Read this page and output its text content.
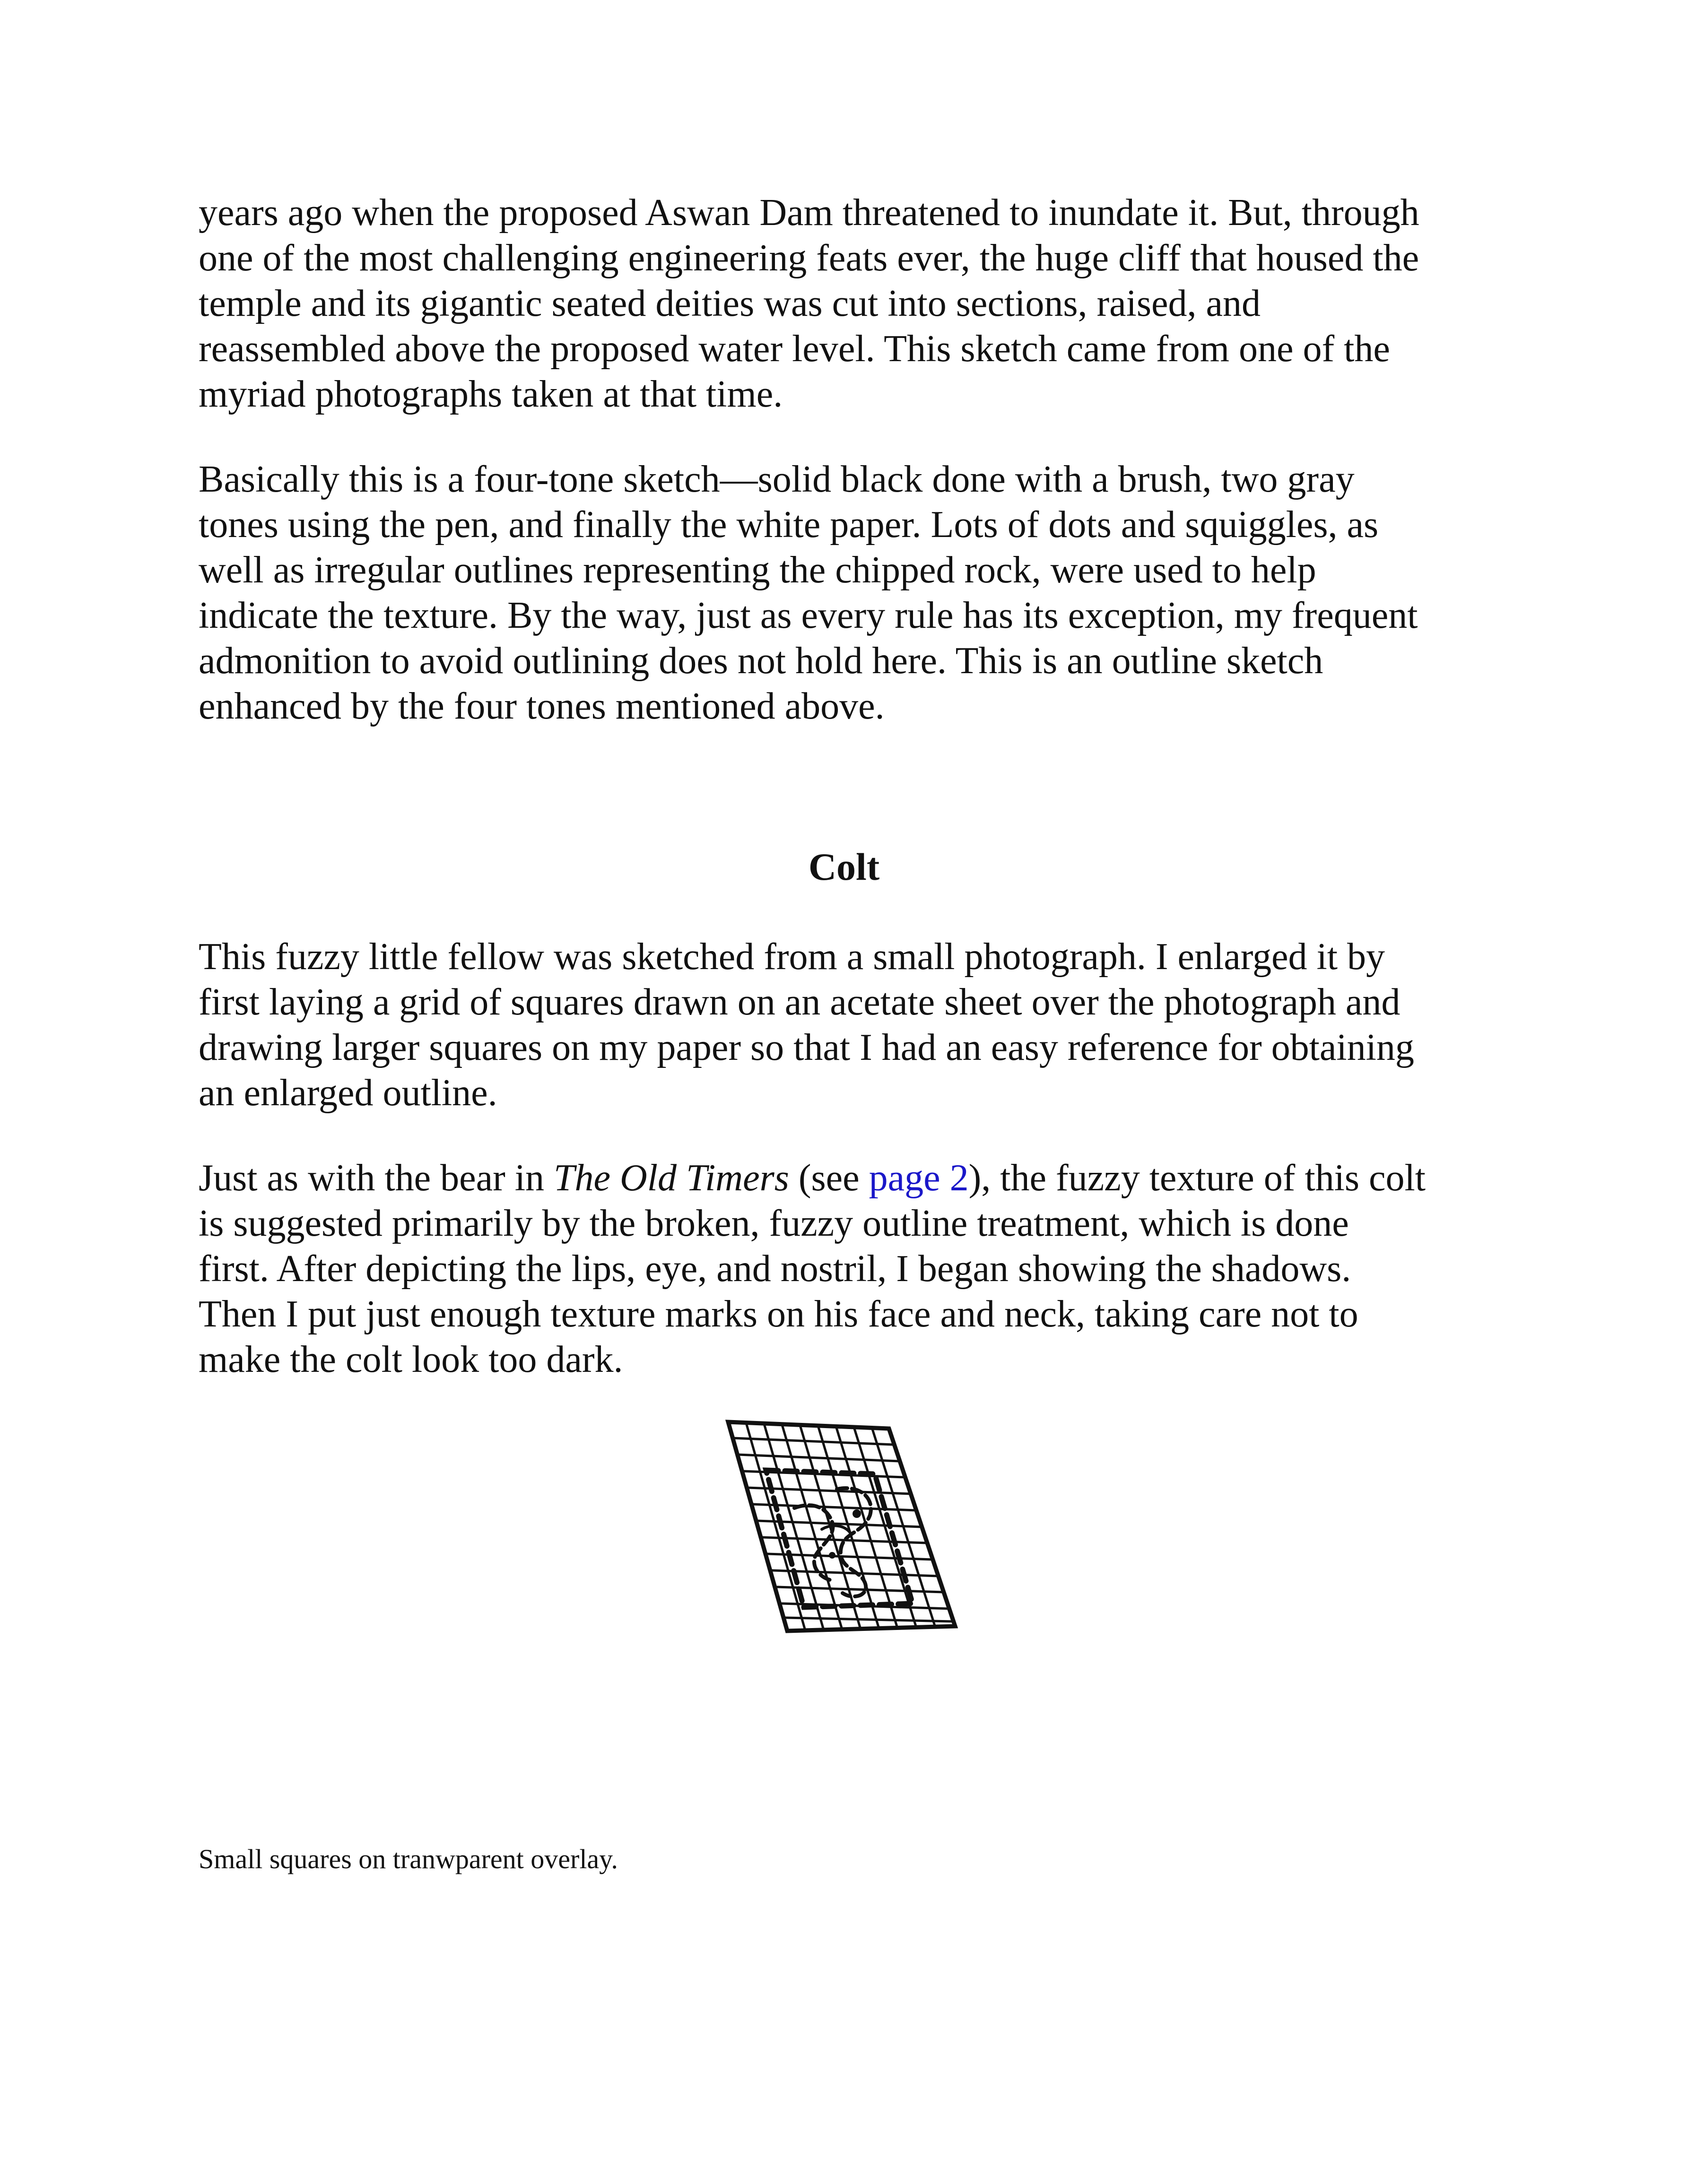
years ago when the proposed Aswan Dam threatened to inundate it. But, through
one of the most challenging engineering feats ever, the huge cliff that housed the
temple and its gigantic seated deities was cut into sections, raised, and
reassembled above the proposed water level. This sketch came from one of the
myriad photographs taken at that time.

Basically this is a four-tone sketch—solid black done with a brush, two gray
tones using the pen, and finally the white paper. Lots of dots and squiggles, as
well as irregular outlines representing the chipped rock, were used to help
indicate the texture. By the way, just as every rule has its exception, my frequent
admonition to avoid outlining does not hold here. This is an outline sketch
enhanced by the four tones mentioned above.

Colt

This fuzzy little fellow was sketched from a small photograph. I enlarged it by
first laying a grid of squares drawn on an acetate sheet over the photograph and
drawing larger squares on my paper so that I had an easy reference for obtaining
an enlarged outline.

Just as with the bear in The Old Timers (see page 2), the fuzzy texture of this colt
is suggested primarily by the broken, fuzzy outline treatment, which is done
first. After depicting the lips, eye, and nostril, I began showing the shadows.
Then I put just enough texture marks on his face and neck, taking care not to
make the colt look too dark.

Small squares on tranwparent overlay.
